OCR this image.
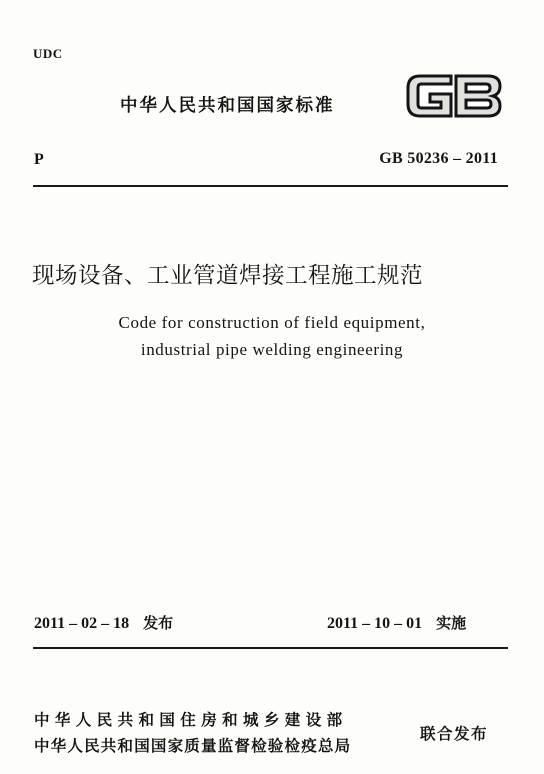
UDC
中华人民共和国国家标准
P	GB 50236 – 2011
现场设备、工业管道焊接工程施工规范
Code for construction of field equipment,
industrial pipe welding engineering
2011 – 02 – 18 发布	2011 – 10 – 01 实施
中华人民共和国住房和城乡建设部
中华人民共和国国家质量监督检验检疫总局
联合发布
